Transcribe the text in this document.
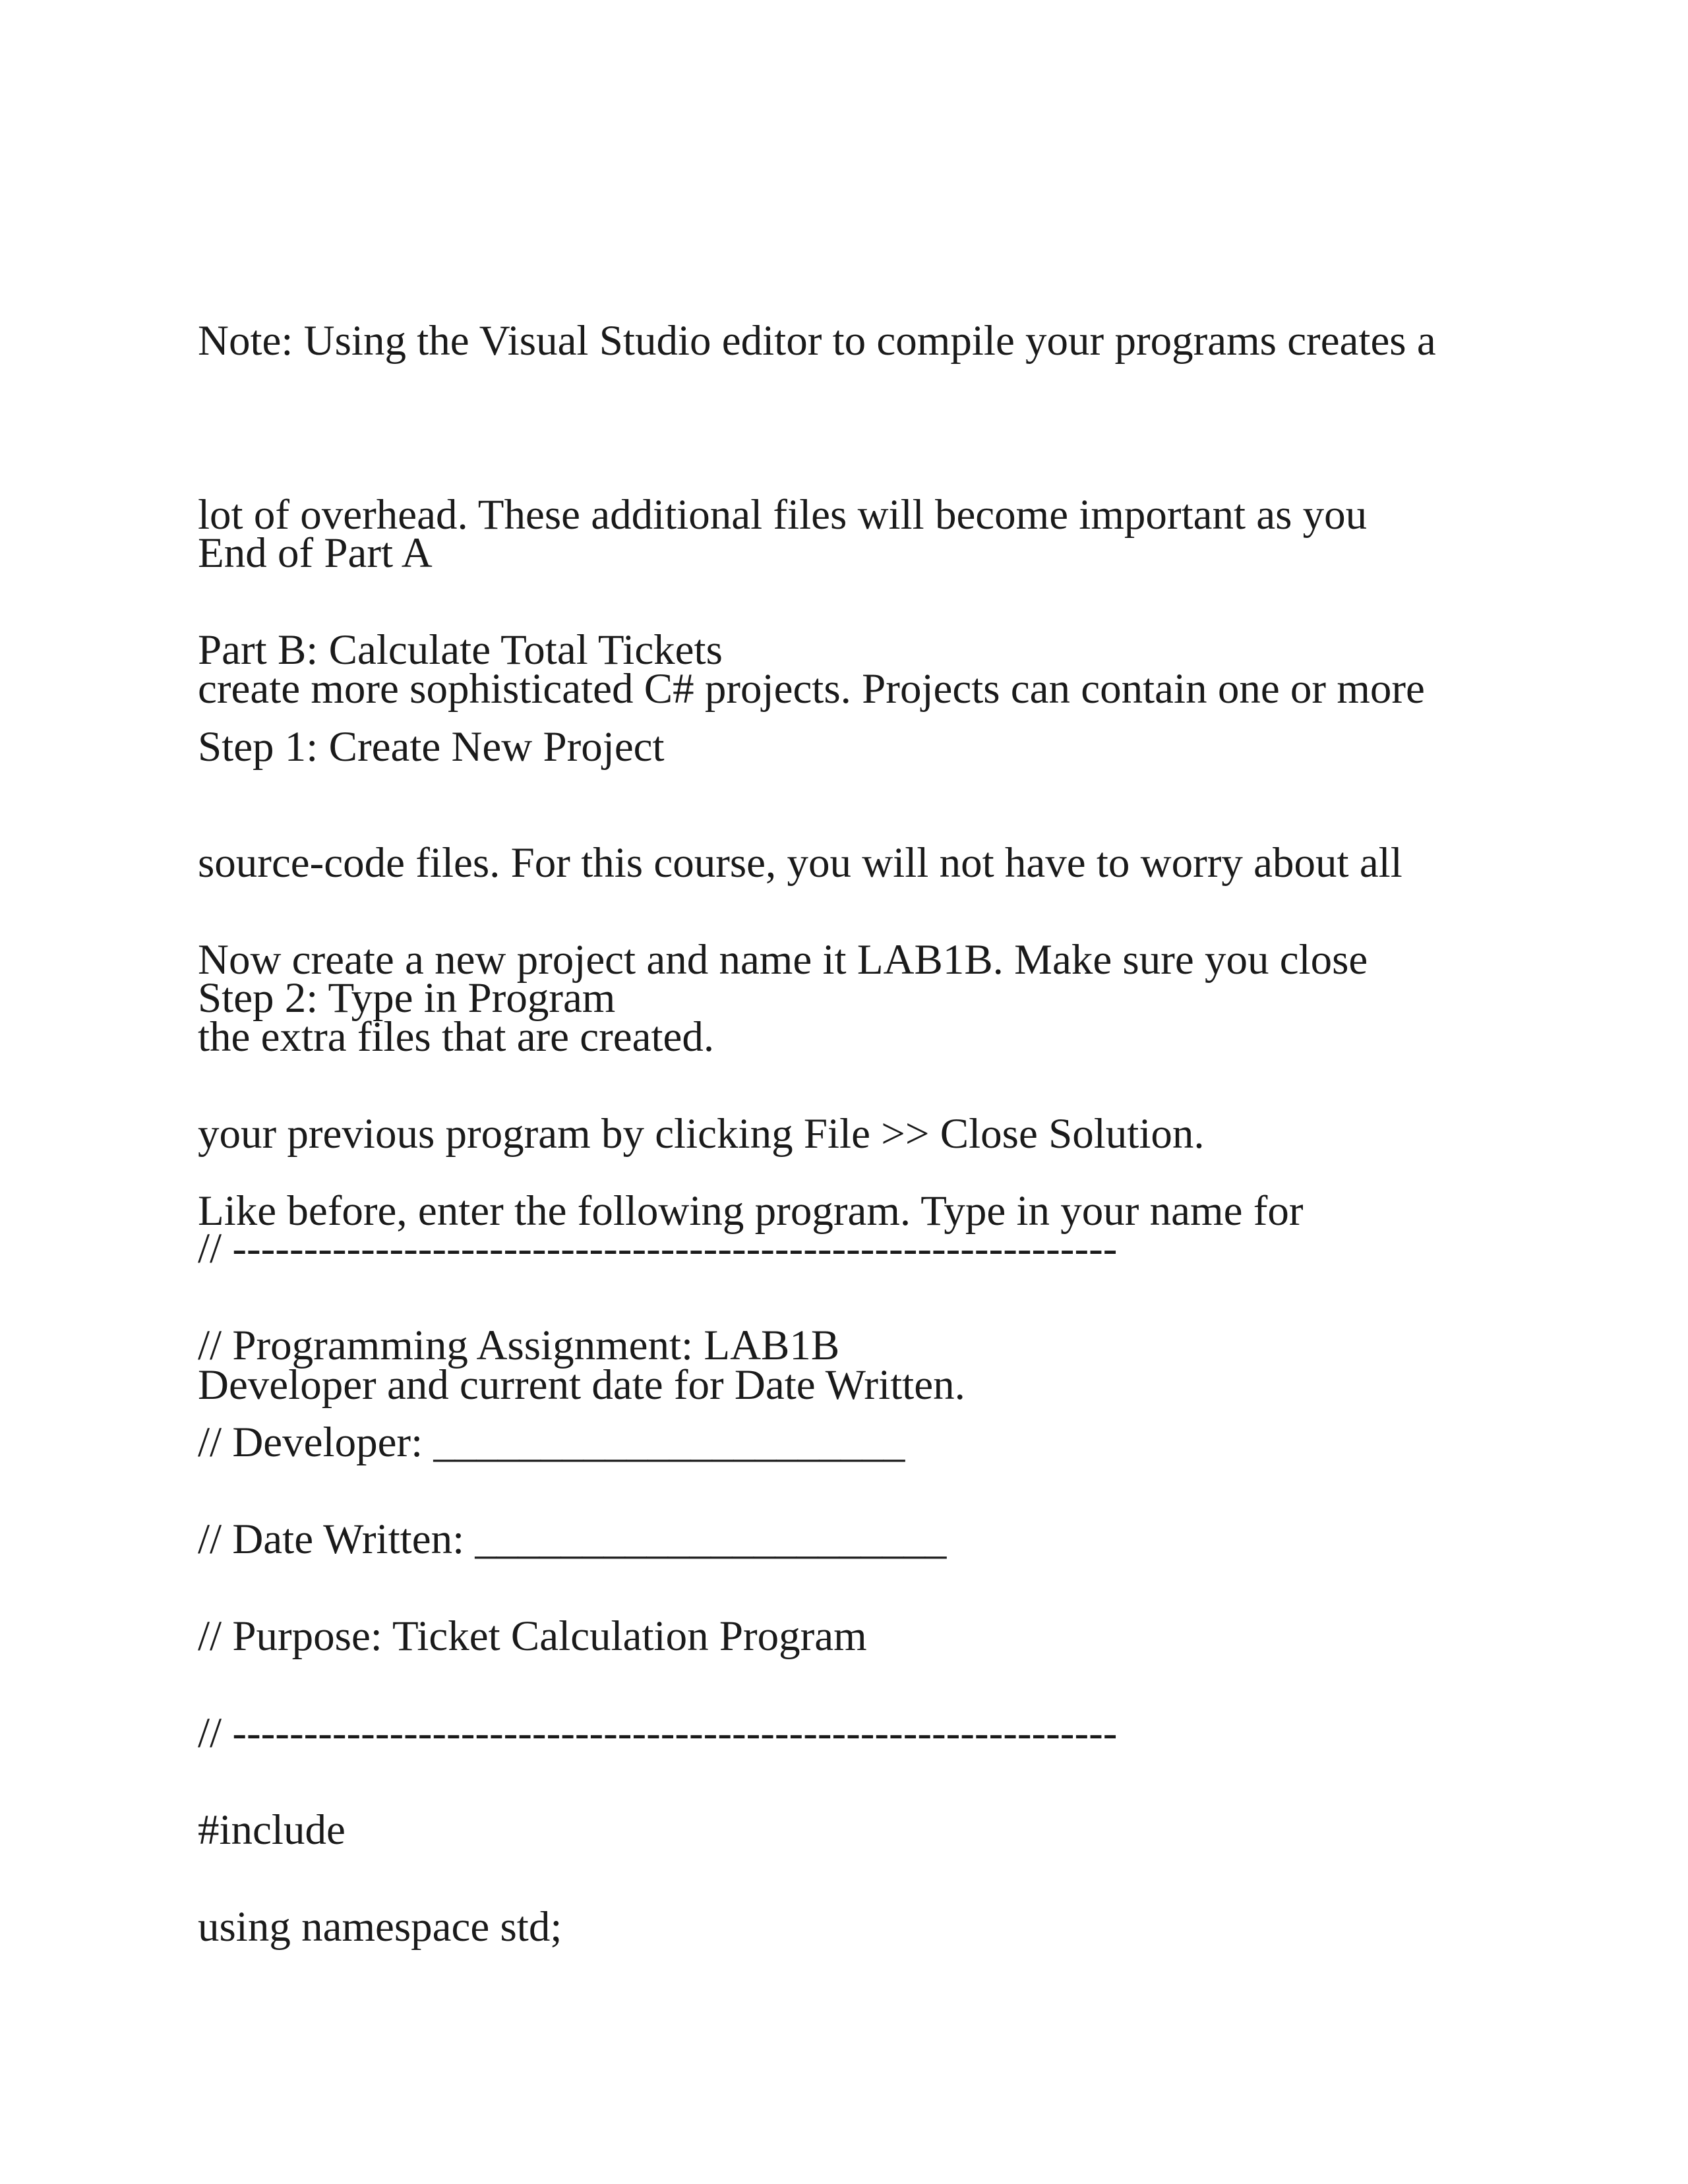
Note: Using the Visual Studio editor to compile your programs creates a

lot of overhead. These additional files will become important as you

create more sophisticated C# projects. Projects can contain one or more

source-code files. For this course, you will not have to worry about all

the extra files that are created.

End of Part A

Part B: Calculate Total Tickets

Step 1: Create New Project

Now create a new project and name it LAB1B. Make sure you close

your previous program by clicking File >> Close Solution.

Step 2: Type in Program

Like before, enter the following program. Type in your name for

Developer and current date for Date Written.

// --------------------------------------------------------------

// Programming Assignment: LAB1B

// Developer: ______________________

// Date Written: ______________________

// Purpose: Ticket Calculation Program

// --------------------------------------------------------------

#include

using namespace std;
